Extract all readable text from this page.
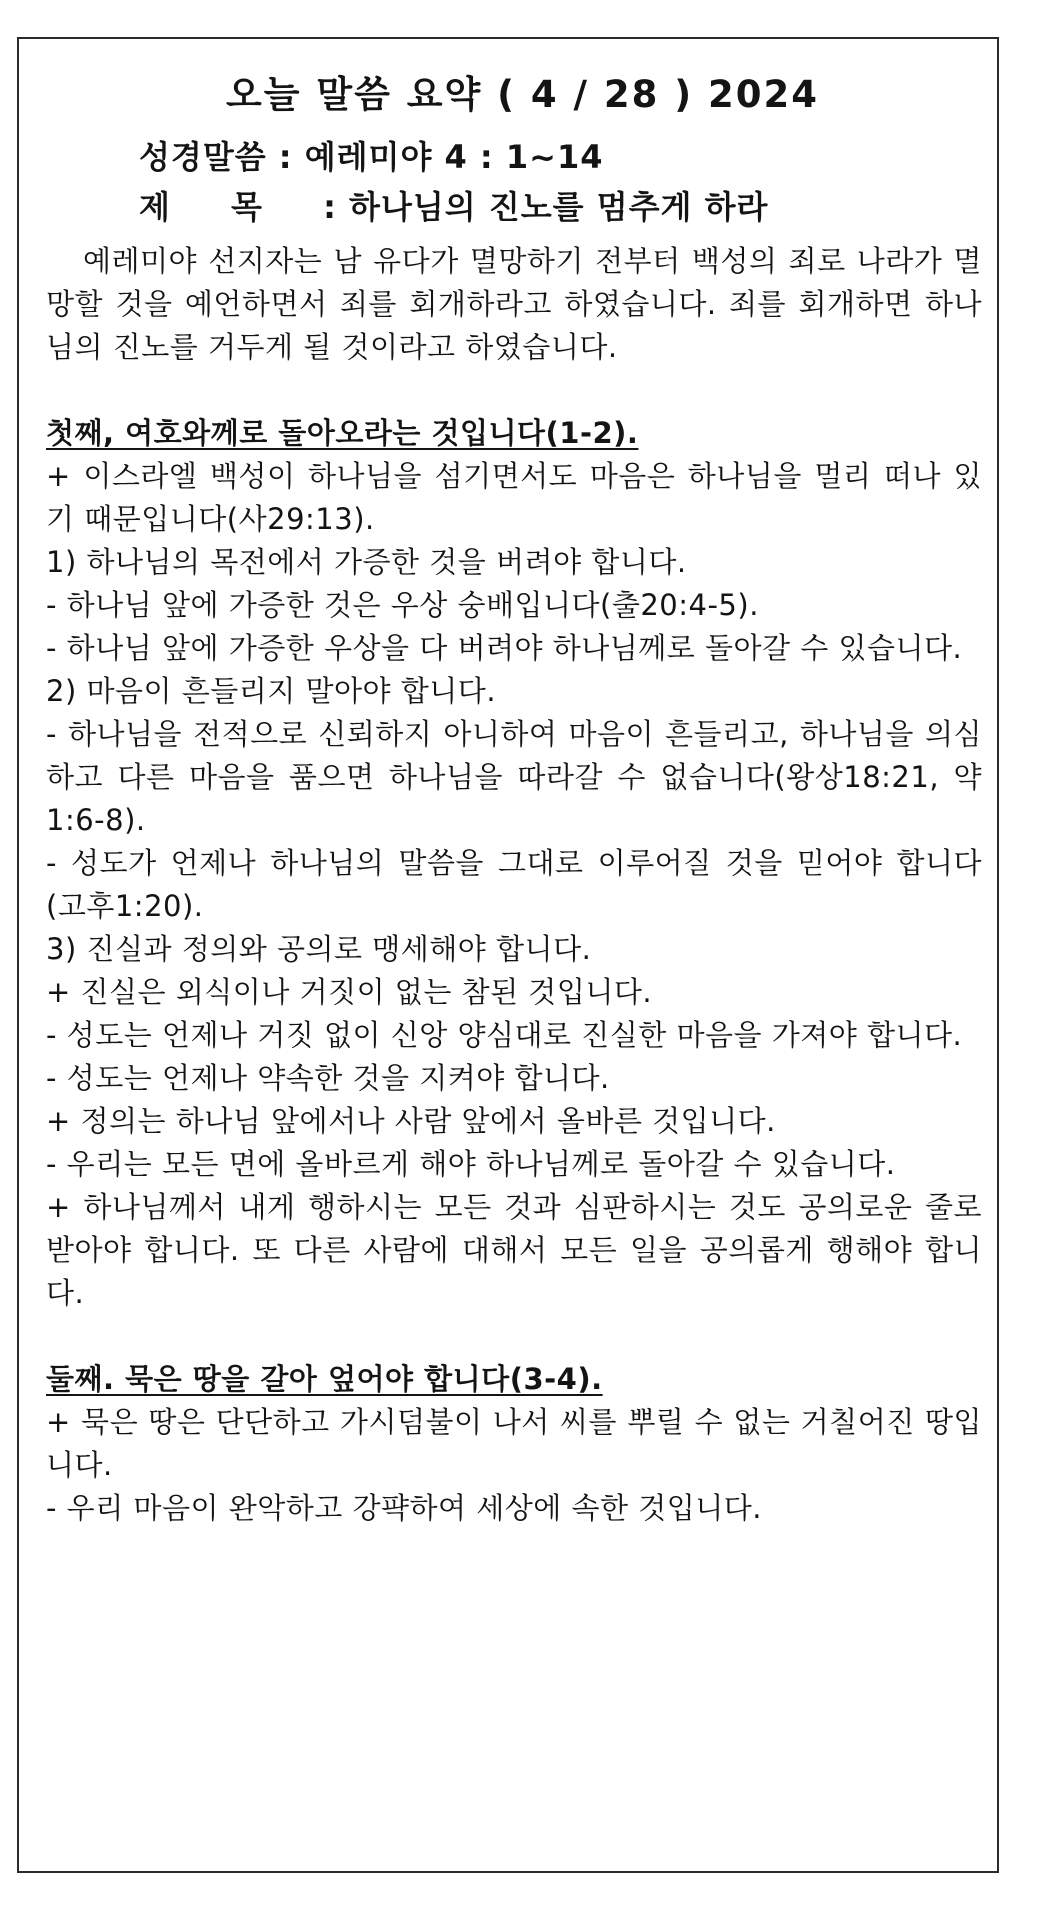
오늘 말씀 요약 ( 4 / 28 ) 2024
성경말씀 : 예레미야 4 : 1~14
제 목 : 하나님의 진노를 멈추게 하라

예레미야 선지자는 남 유다가 멸망하기 전부터 백성의 죄로 나라가 멸망할 것을 예언하면서 죄를 회개하라고 하였습니다. 죄를 회개하면 하나님의 진노를 거두게 될 것이라고 하였습니다.

첫째, 여호와께로 돌아오라는 것입니다(1-2).

+ 이스라엘 백성이 하나님을 섬기면서도 마음은 하나님을 멀리 떠나 있기 때문입니다(사29:13).

1) 하나님의 목전에서 가증한 것을 버려야 합니다.

- 하나님 앞에 가증한 것은 우상 숭배입니다(출20:4-5).

- 하나님 앞에 가증한 우상을 다 버려야 하나님께로 돌아갈 수 있습니다.

2) 마음이 흔들리지 말아야 합니다.

- 하나님을 전적으로 신뢰하지 아니하여 마음이 흔들리고, 하나님을 의심하고 다른 마음을 품으면 하나님을 따라갈 수 없습니다(왕상18:21, 약1:6-8).

- 성도가 언제나 하나님의 말씀을 그대로 이루어질 것을 믿어야 합니다(고후1:20).

3) 진실과 정의와 공의로 맹세해야 합니다.

+ 진실은 외식이나 거짓이 없는 참된 것입니다.

- 성도는 언제나 거짓 없이 신앙 양심대로 진실한 마음을 가져야 합니다.

- 성도는 언제나 약속한 것을 지켜야 합니다.

+ 정의는 하나님 앞에서나 사람 앞에서 올바른 것입니다.

- 우리는 모든 면에 올바르게 해야 하나님께로 돌아갈 수 있습니다.

+ 하나님께서 내게 행하시는 모든 것과 심판하시는 것도 공의로운 줄로 받아야 합니다. 또 다른 사람에 대해서 모든 일을 공의롭게 행해야 합니다.

둘째. 묵은 땅을 갈아 엎어야 합니다(3-4).

+ 묵은 땅은 단단하고 가시덤불이 나서 씨를 뿌릴 수 없는 거칠어진 땅입니다.

- 우리 마음이 완악하고 강퍅하여 세상에 속한 것입니다.
